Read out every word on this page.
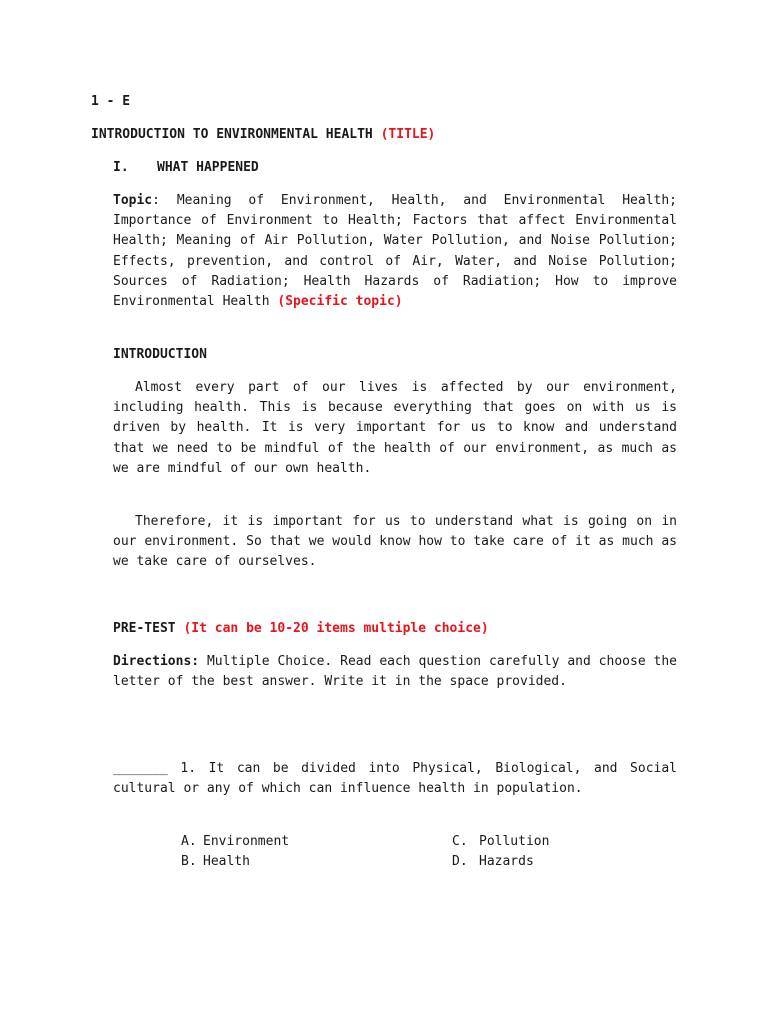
1 - E
INTRODUCTION TO ENVIRONMENTAL HEALTH (TITLE)
I. WHAT HAPPENED
Topic: Meaning of Environment, Health, and Environmental Health; Importance of Environment to Health; Factors that affect Environmental Health; Meaning of Air Pollution, Water Pollution, and Noise Pollution; Effects, prevention, and control of Air, Water, and Noise Pollution; Sources of Radiation; Health Hazards of Radiation; How to improve Environmental Health (Specific topic)
INTRODUCTION
Almost every part of our lives is affected by our environment, including health. This is because everything that goes on with us is driven by health. It is very important for us to know and understand that we need to be mindful of the health of our environment, as much as we are mindful of our own health.
Therefore, it is important for us to understand what is going on in our environment. So that we would know how to take care of it as much as we take care of ourselves.
PRE-TEST (It can be 10-20 items multiple choice)
Directions: Multiple Choice. Read each question carefully and choose the letter of the best answer. Write it in the space provided.
_______ 1. It can be divided into Physical, Biological, and Social cultural or any of which can influence health in population.
A. Environment
B. Health
C. Pollution
D. Hazards
